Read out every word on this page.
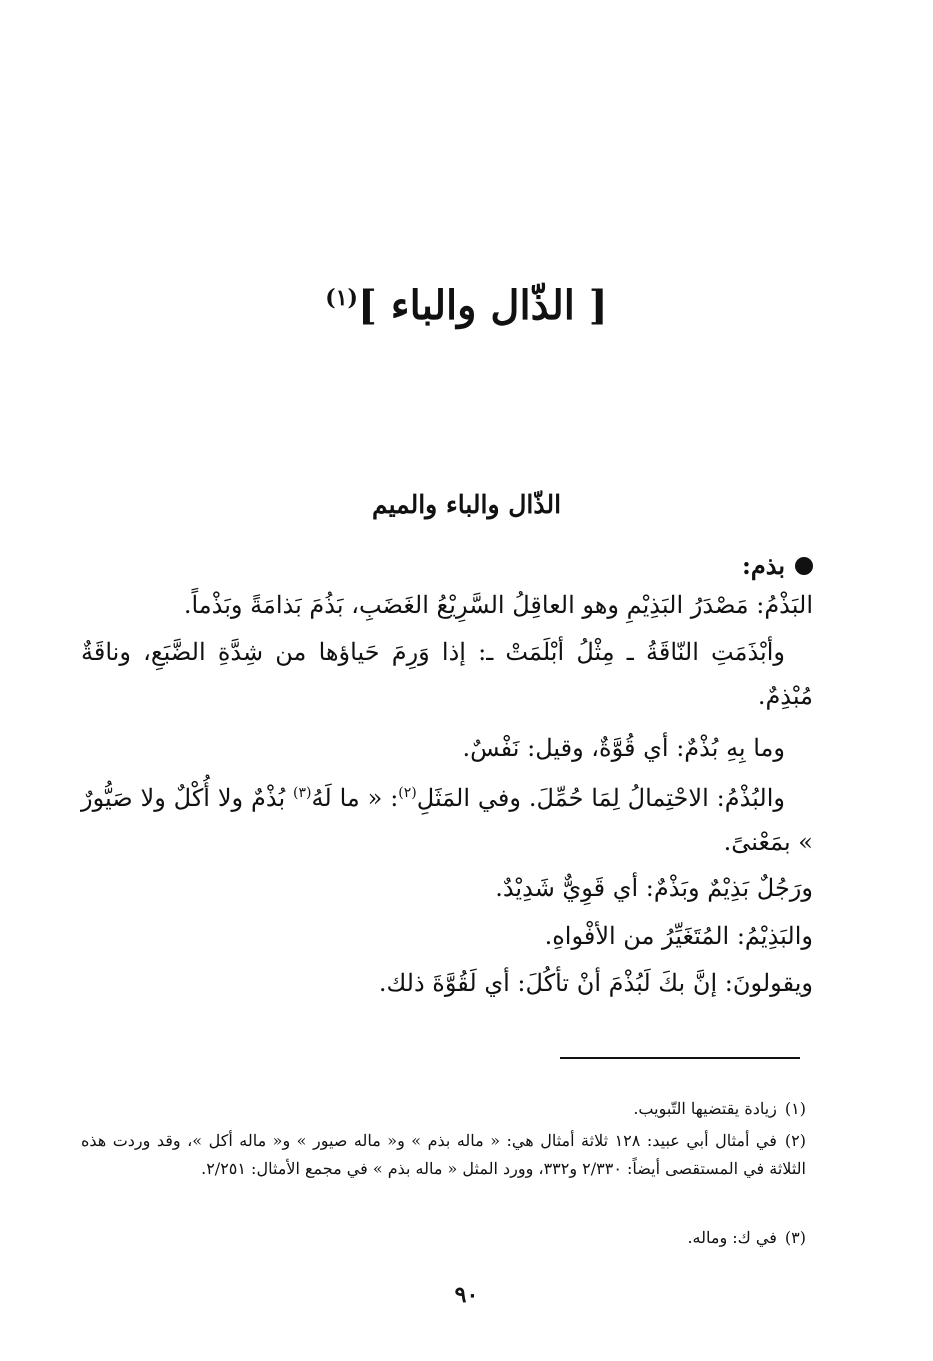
[ الذّال والباء ]$^{(١)}$
الذّال والباء والميم
بذم:
البَذْمُ: مَصْدَرُ البَذِيْمِ وهو العاقِلُ السَّرِيْعُ الغَضَبِ، بَذُمَ بَذامَةً وبَذْماً.
وأبْذَمَتِ النّاقَةُ ـ مِثْلُ أبْلَمَتْ ـ: إذا وَرِمَ حَياؤها من شِدَّةِ الضَّبَعِ، وناقَةٌ مُبْذِمٌ.
وما بِهِ بُذْمٌ: أي قُوَّةٌ، وقيل: نَفْسٌ.
والبُذْمُ: الاحْتِمالُ لِمَا حُمِّلَ. وفي المَثَلِ$^{(٢)}$: « ما لَهُ$^{(٣)}$ بُذْمٌ ولا أُكْلٌ ولا صَيُّورٌ » بمَعْنىً.
ورَجُلٌ بَذِيْمٌ وبَذْمٌ: أي قَوِيٌّ شَدِيْدٌ.
والبَذِيْمُ: المُتَغَيِّرُ من الأفْواهِ.
ويقولونَ: إنَّ بكَ لَبُذْمَ أنْ تأكُلَ: أي لَقُوَّةَ ذلك.
(١)زيادة يقتضيها التّبويب.
(٢)في أمثال أبي عبيد: ١٢٨ ثلاثة أمثال هي: « ماله بذم » و« ماله صيور » و« ماله أكل »، وقد وردت هذه الثلاثة في المستقصى أيضاً: ٢/٣٣٠ و٣٣٢، وورد المثل « ماله بذم » في مجمع الأمثال: ٢/٢٥١.
(٣)في ك: وماله.
٩٠
